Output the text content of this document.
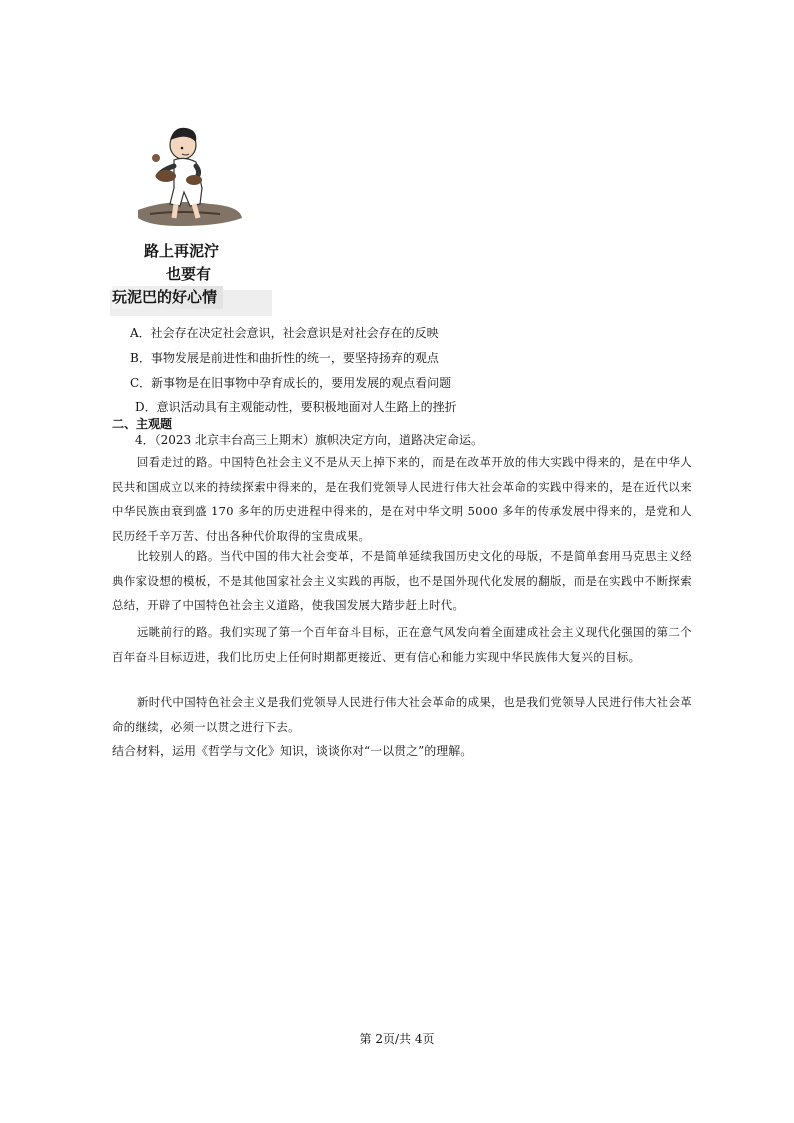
路上再泥泞
也要有
玩泥巴的好心情
A．社会存在决定社会意识，社会意识是对社会存在的反映
B．事物发展是前进性和曲折性的统一，要坚持扬弃的观点
C．新事物是在旧事物中孕育成长的，要用发展的观点看问题
D．意识活动具有主观能动性，要积极地面对人生路上的挫折
二、主观题
4．（2023 北京丰台高三上期末）旗帜决定方向，道路决定命运。
回看走过的路。中国特色社会主义不是从天上掉下来的，而是在改革开放的伟大实践中得来的，是在中华人民共和国成立以来的持续探索中得来的，是在我们党领导人民进行伟大社会革命的实践中得来的，是在近代以来中华民族由衰到盛 170 多年的历史进程中得来的，是在对中华文明 5000 多年的传承发展中得来的，是党和人民历经千辛万苦、付出各种代价取得的宝贵成果。
比较别人的路。当代中国的伟大社会变革，不是简单延续我国历史文化的母版，不是简单套用马克思主义经典作家设想的模板，不是其他国家社会主义实践的再版，也不是国外现代化发展的翻版，而是在实践中不断探索总结，开辟了中国特色社会主义道路，使我国发展大踏步赶上时代。
远眺前行的路。我们实现了第一个百年奋斗目标，正在意气风发向着全面建成社会主义现代化强国的第二个百年奋斗目标迈进，我们比历史上任何时期都更接近、更有信心和能力实现中华民族伟大复兴的目标。
新时代中国特色社会主义是我们党领导人民进行伟大社会革命的成果，也是我们党领导人民进行伟大社会革命的继续，必须一以贯之进行下去。
结合材料，运用《哲学与文化》知识，谈谈你对“一以贯之”的理解。
第 2页/共 4页
